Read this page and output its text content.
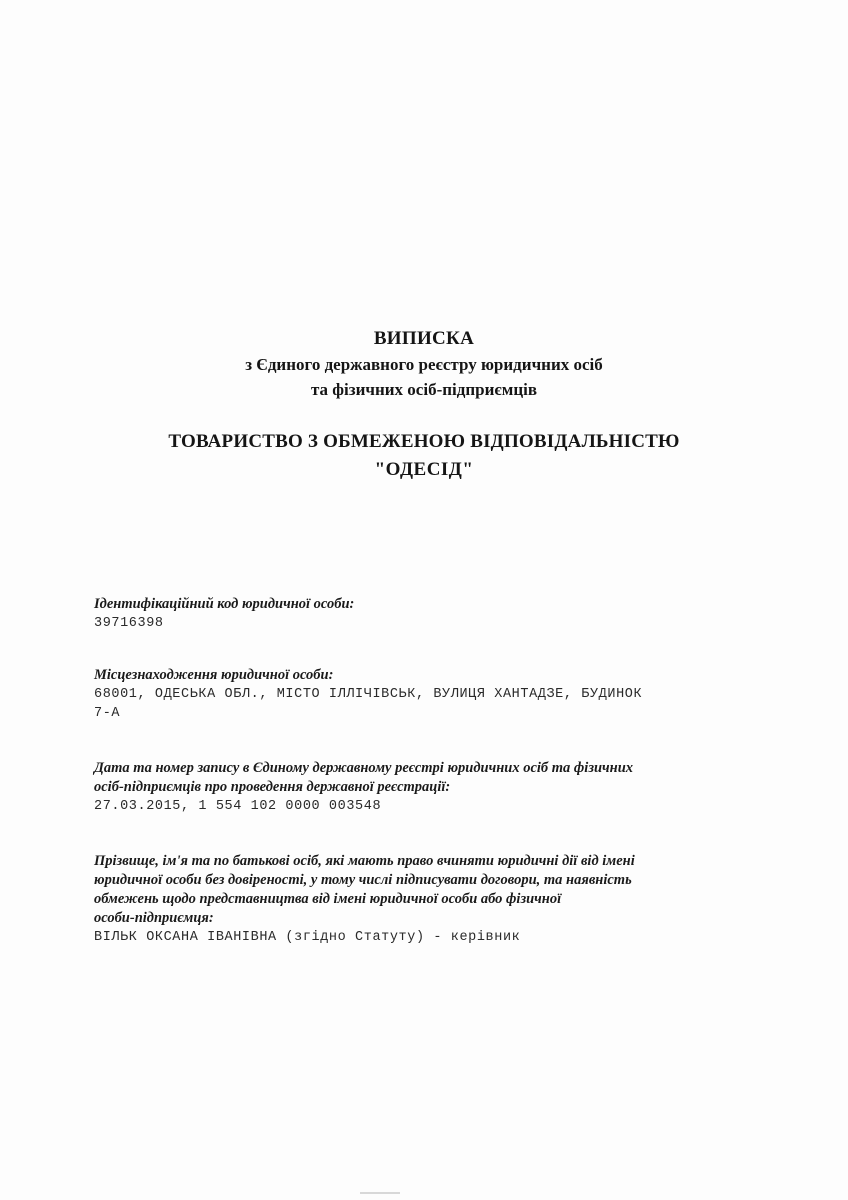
ВИПИСКА
з Єдиного державного реєстру юридичних осіб
та фізичних осіб-підприємців
ТОВАРИСТВО З ОБМЕЖЕНОЮ ВІДПОВІДАЛЬНІСТЮ
"ОДЕСІД"
Ідентифікаційний код юридичної особи:
39716398
Місцезнаходження юридичної особи:
68001, ОДЕСЬКА ОБЛ., МІСТО ІЛЛІЧІВСЬК, ВУЛИЦЯ ХАНТАДЗЕ, БУДИНОК
7-А
Дата та номер запису в Єдиному державному реєстрі юридичних осіб та фізичних
осіб-підприємців про проведення державної реєстрації:
27.03.2015, 1 554 102 0000 003548
Прізвище, ім'я та по батькові осіб, які мають право вчиняти юридичні дії від імені
юридичної особи без довіреності, у тому числі підписувати договори, та наявність
обмежень щодо представництва від імені юридичної особи або фізичної
особи-підприємця:
ВІЛЬК ОКСАНА ІВАНІВНА (згідно Статуту) - керівник
